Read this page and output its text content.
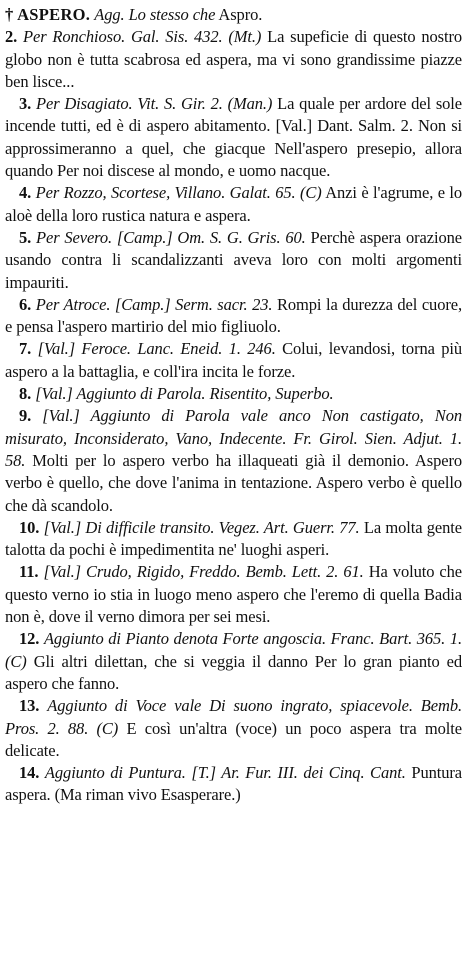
† ASPERO. Agg. Lo stesso che Aspro.
2. Per Ronchioso. Gal. Sis. 432. (Mt.) La supeficie di questo nostro globo non è tutta scabrosa ed aspera, ma vi sono grandissime piazze ben lisce...
3. Per Disagiato. Vit. S. Gir. 2. (Man.) La quale per ardore del sole incende tutti, ed è di aspero abitamento. [Val.] Dant. Salm. 2. Non si approssimeranno a quel, che giacque Nell'aspero presepio, allora quando Per noi discese al mondo, e uomo nacque.
4. Per Rozzo, Scortese, Villano. Galat. 65. (C) Anzi è l'agrume, e lo aloè della loro rustica natura e aspera.
5. Per Severo. [Camp.] Om. S. G. Gris. 60. Perchè aspera orazione usando contra li scandalizzanti aveva loro con molti argomenti impauriti.
6. Per Atroce. [Camp.] Serm. sacr. 23. Rompi la durezza del cuore, e pensa l'aspero martirio del mio figliuolo.
7. [Val.] Feroce. Lanc. Eneid. 1. 246. Colui, levandosi, torna più aspero a la battaglia, e coll'ira incita le forze.
8. [Val.] Aggiunto di Parola. Risentito, Superbo.
9. [Val.] Aggiunto di Parola vale anco Non castigato, Non misurato, Inconsiderato, Vano, Indecente. Fr. Girol. Sien. Adjut. 1. 58. Molti per lo aspero verbo ha illaqueati già il demonio. Aspero verbo è quello, che dove l'anima in tentazione. Aspero verbo è quello che dà scandolo.
10. [Val.] Di difficile transito. Vegez. Art. Guerr. 77. La molta gente talotta da pochi è impedimentita ne' luoghi asperi.
11. [Val.] Crudo, Rigido, Freddo. Bemb. Lett. 2. 61. Ha voluto che questo verno io stia in luogo meno aspero che l'eremo di quella Badia non è, dove il verno dimora per sei mesi.
12. Aggiunto di Pianto denota Forte angoscia. Franc. Bart. 365. 1. (C) Gli altri dilettan, che si veggia il danno Per lo gran pianto ed aspero che fanno.
13. Aggiunto di Voce vale Di suono ingrato, spiacevole. Bemb. Pros. 2. 88. (C) E così un'altra (voce) un poco aspera tra molte delicate.
14. Aggiunto di Puntura. [T.] Ar. Fur. III. dei Cinq. Cant. Puntura aspera. (Ma riman vivo Esasperare.)
